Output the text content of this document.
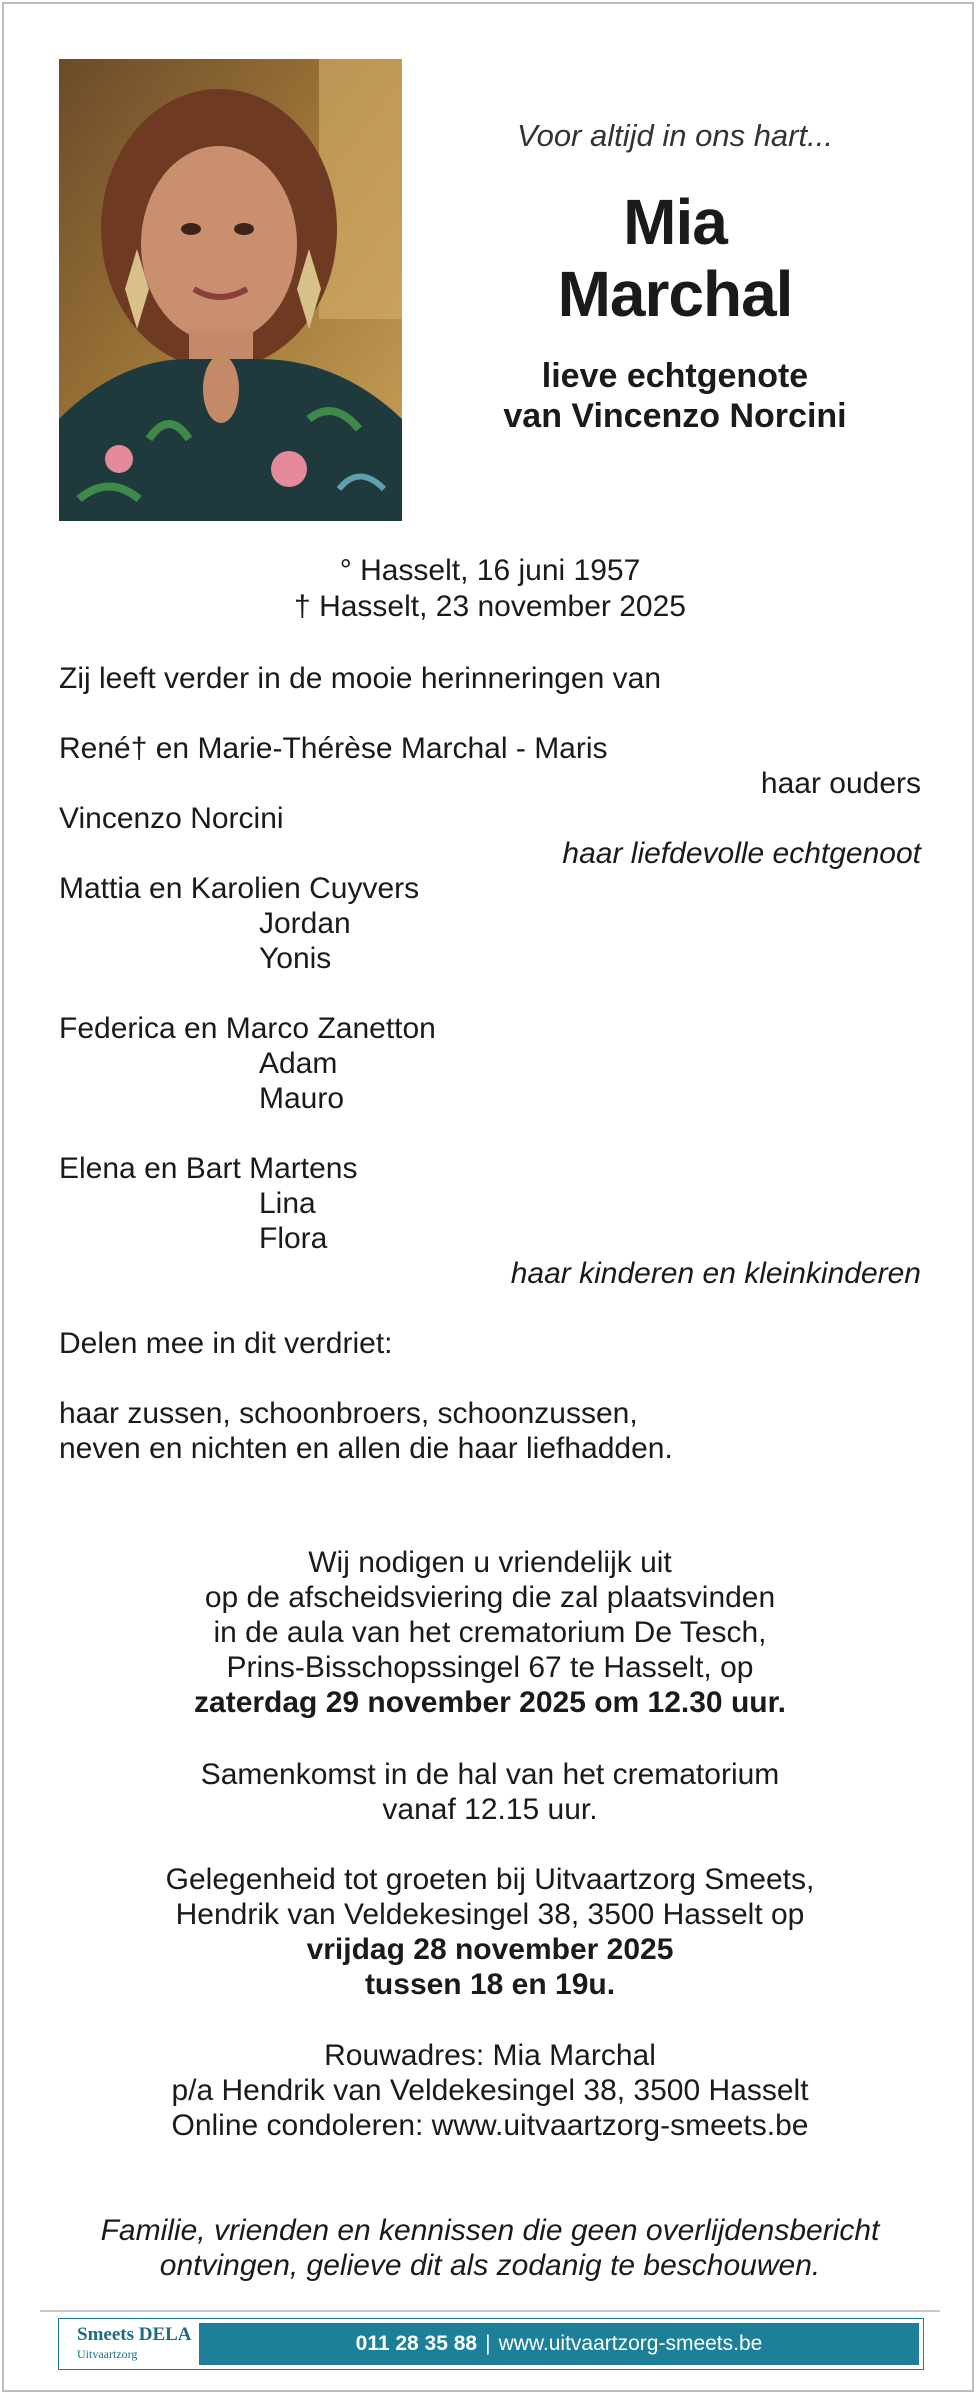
Voor altijd in ons hart...

Mia
Marchal
lieve echtgenote
van Vincenzo Norcini
° Hasselt, 16 juni 1957
† Hasselt, 23 november 2025
Zij leeft verder in de mooie herinneringen van
René† en Marie-Thérèse Marchal - Maris
haar ouders
Vincenzo Norcini
haar liefdevolle echtgenoot
Mattia en Karolien Cuyvers
Jordan
Yonis
Federica en Marco Zanetton
Adam
Mauro
Elena en Bart Martens
Lina
Flora
haar kinderen en kleinkinderen
Delen mee in dit verdriet:
haar zussen, schoonbroers, schoonzussen,
neven en nichten en allen die haar liefhadden.
Wij nodigen u vriendelijk uit
op de afscheidsviering die zal plaatsvinden
in de aula van het crematorium De Tesch,
Prins-Bisschopssingel 67 te Hasselt, op
zaterdag 29 november 2025 om 12.30 uur.
Samenkomst in de hal van het crematorium
vanaf 12.15 uur.
Gelegenheid tot groeten bij Uitvaartzorg Smeets,
Hendrik van Veldekesingel 38, 3500 Hasselt op
vrijdag 28 november 2025
tussen 18 en 19u.
Rouwadres: Mia Marchal
p/a Hendrik van Veldekesingel 38, 3500 Hasselt
Online condoleren: www.uitvaartzorg-smeets.be
Familie, vrienden en kennissen die geen overlijdensbericht
ontvingen, gelieve dit als zodanig te beschouwen.
Smeets DELA
Uitvaartzorg	011 28 35 88 | www.uitvaartzorg-smeets.be
